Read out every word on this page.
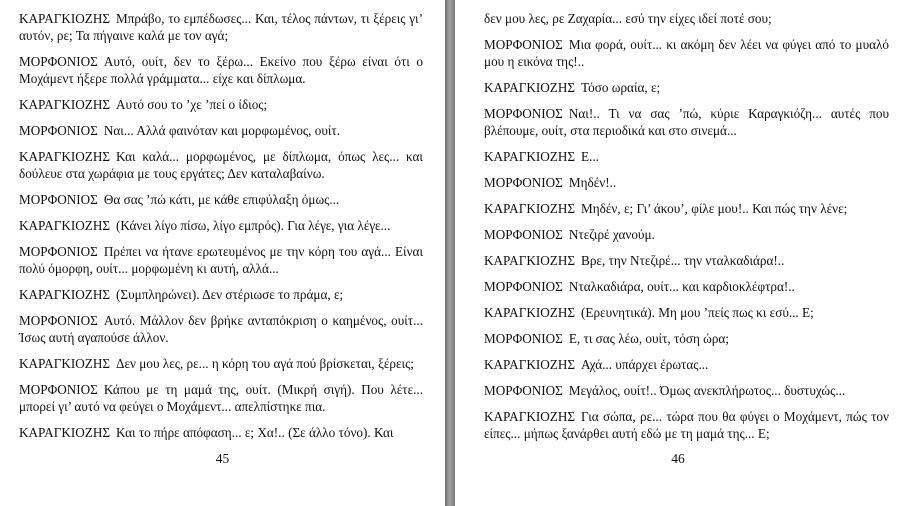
ΚΑΡΑΓΚΙΟΖΗΣ Μπράβο, το εμπέδωσες... Και, τέλος πάντων, τι ξέρεις γι’ αυτόν, ρε; Τα πήγαινε καλά με τον αγά;

ΜΟΡΦΟΝΙΟΣ Αυτό, ουίτ, δεν το ξέρω... Εκείνο που ξέρω είναι ότι ο Μοχάμεντ ήξερε πολλά γράμματα... είχε και δίπλωμα.

ΚΑΡΑΓΚΙΟΖΗΣ Αυτό σου το ’χε ’πεί ο ίδιος;

ΜΟΡΦΟΝΙΟΣ Ναι... Αλλά φαινόταν και μορφωμένος, ουίτ.

ΚΑΡΑΓΚΙΟΖΗΣ Και καλά... μορφωμένος, με δίπλωμα, όπως λες... και δούλευε στα χωράφια με τους εργάτες; Δεν καταλαβαίνω.

ΜΟΡΦΟΝΙΟΣ Θα σας ’πώ κάτι, με κάθε επιφύλαξη όμως...

ΚΑΡΑΓΚΙΟΖΗΣ (Κάνει λίγο πίσω, λίγο εμπρός). Για λέγε, για λέγε...

ΜΟΡΦΟΝΙΟΣ Πρέπει να ήτανε ερωτευμένος με την κόρη του αγά... Είναι πολύ όμορφη, ουίτ... μορφωμένη κι αυτή, αλλά...

ΚΑΡΑΓΚΙΟΖΗΣ (Συμπληρώνει). Δεν στέριωσε το πράμα, ε;

ΜΟΡΦΟΝΙΟΣ Αυτό. Μάλλον δεν βρήκε ανταπόκριση ο καημένος, ουίτ... Ίσως αυτή αγαπούσε άλλον.

ΚΑΡΑΓΚΙΟΖΗΣ Δεν μου λες, ρε... η κόρη του αγά πού βρίσκεται, ξέρεις;

ΜΟΡΦΟΝΙΟΣ Κάπου με τη μαμά της, ουίτ. (Μικρή σιγή). Που λέτε... μπορεί γι’ αυτό να φεύγει ο Μοχάμεντ... απελπίστηκε πια.

ΚΑΡΑΓΚΙΟΖΗΣ Και το πήρε απόφαση... ε; Χα!.. (Σε άλλο τόνο). Και

45

δεν μου λες, ρε Ζαχαρία... εσύ την είχες ιδεί ποτέ σου;

ΜΟΡΦΟΝΙΟΣ Μια φορά, ουίτ... κι ακόμη δεν λέει να φύγει από το μυαλό μου η εικόνα της!..

ΚΑΡΑΓΚΙΟΖΗΣ Τόσο ωραία, ε;

ΜΟΡΦΟΝΙΟΣ Ναι!.. Τι να σας ’πώ, κύριε Καραγκιόζη... αυτές που βλέπουμε, ουίτ, στα περιοδικά και στο σινεμά...

ΚΑΡΑΓΚΙΟΖΗΣ Ε...

ΜΟΡΦΟΝΙΟΣ Μηδέν!..

ΚΑΡΑΓΚΙΟΖΗΣ Μηδέν, ε; Γι’ άκου’, φίλε μου!.. Και πώς την λένε;

ΜΟΡΦΟΝΙΟΣ Ντεζιρέ χανούμ.

ΚΑΡΑΓΚΙΟΖΗΣ Βρε, την Ντεζιρέ... την νταλκαδιάρα!..

ΜΟΡΦΟΝΙΟΣ Νταλκαδιάρα, ουίτ... και καρδιοκλέφτρα!..

ΚΑΡΑΓΚΙΟΖΗΣ (Ερευνητικά). Μη μου ’πείς πως κι εσύ... Ε;

ΜΟΡΦΟΝΙΟΣ Ε, τι σας λέω, ουίτ, τόση ώρα;

ΚΑΡΑΓΚΙΟΖΗΣ Αχά... υπάρχει έρωτας...

ΜΟΡΦΟΝΙΟΣ Μεγάλος, ουίτ!.. Όμως ανεκπλήρωτος... δυστυχώς...

ΚΑΡΑΓΚΙΟΖΗΣ Για σώπα, ρε... τώρα που θα φύγει ο Μοχάμεντ, πώς τον είπες... μήπως ξανάρθει αυτή εδώ με τη μαμά της... Ε;

46
